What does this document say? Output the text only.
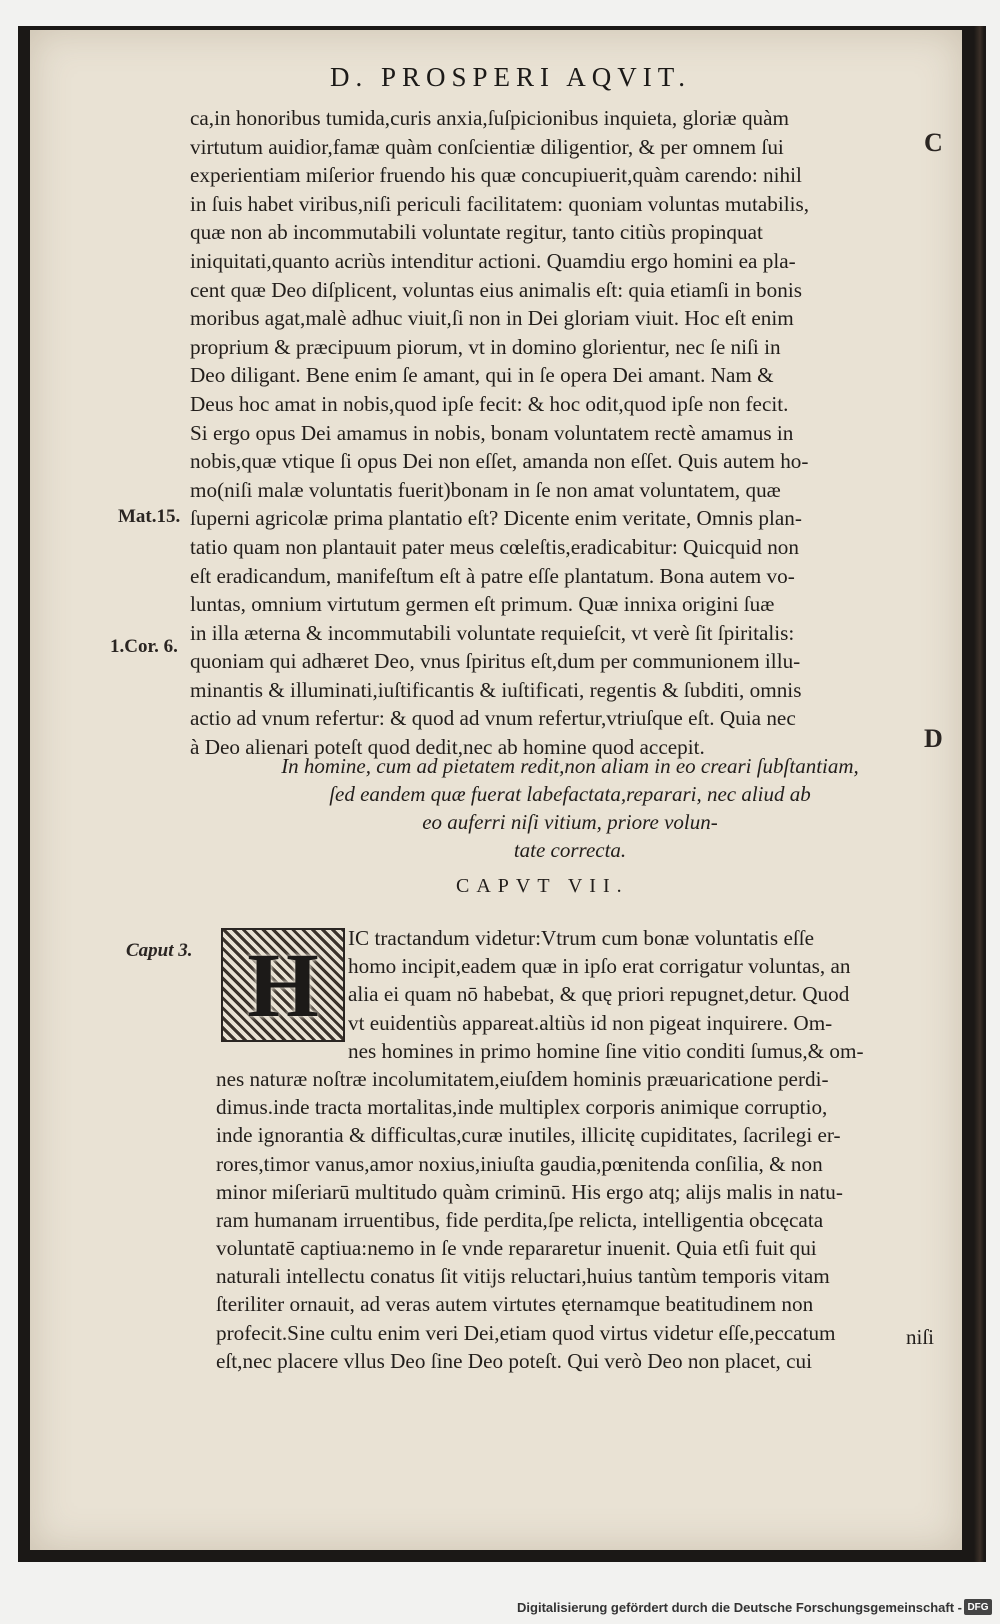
D. PROSPERI AQVIT.
C
D
ca,in honoribus tumida,curis anxia,ſuſpicionibus inquieta, gloriæ quàm
virtutum auidior,famæ quàm conſcientiæ diligentior, & per omnem ſui
experientiam miſerior fruendo his quæ concupiuerit,quàm carendo: nihil
in ſuis habet viribus,niſi periculi facilitatem: quoniam voluntas mutabilis,
quæ non ab incommutabili voluntate regitur, tanto citiùs propinquat
iniquitati,quanto acriùs intenditur actioni. Quamdiu ergo homini ea pla-
cent quæ Deo diſplicent, voluntas eius animalis eſt: quia etiamſi in bonis
moribus agat,malè adhuc viuit,ſi non in Dei gloriam viuit. Hoc eſt enim
proprium & præcipuum piorum, vt in domino glorientur, nec ſe niſi in
Deo diligant. Bene enim ſe amant, qui in ſe opera Dei amant. Nam &
Deus hoc amat in nobis,quod ipſe fecit: & hoc odit,quod ipſe non fecit.
Si ergo opus Dei amamus in nobis, bonam voluntatem rectè amamus in
nobis,quæ vtique ſi opus Dei non eſſet, amanda non eſſet. Quis autem ho-
mo(niſi malæ voluntatis fuerit)bonam in ſe non amat voluntatem, quæ
ſuperni agricolæ prima plantatio eſt? Dicente enim veritate, Omnis plan-
tatio quam non plantauit pater meus cœleſtis,eradicabitur: Quicquid non
eſt eradicandum, manifeſtum eſt à patre eſſe plantatum. Bona autem vo-
luntas, omnium virtutum germen eſt primum. Quæ innixa origini ſuæ
in illa æterna & incommutabili voluntate requieſcit, vt verè ſit ſpiritalis:
quoniam qui adhæret Deo, vnus ſpiritus eſt,dum per communionem illu-
minantis & illuminati,iuſtificantis & iuſtificati, regentis & ſubditi, omnis
actio ad vnum refertur: & quod ad vnum refertur,vtriuſque eſt. Quia nec
à Deo alienari poteſt quod dedit,nec ab homine quod accepit.
Mat.15.
1.Cor. 6.
Caput 3.
In homine, cum ad pietatem redit,non aliam in eo creari ſubſtantiam,
ſed eandem quæ fuerat labefactata,reparari, nec aliud ab
eo auferri niſi vitium, priore volun-
tate correcta.
CAPVT VII.
H	IC tractandum videtur:Vtrum cum bonæ voluntatis eſſe
homo incipit,eadem quæ in ipſo erat corrigatur voluntas, an
alia ei quam nō habebat, & quę priori repugnet,detur. Quod
vt euidentiùs appareat.altiùs id non pigeat inquirere. Om-
nes homines in primo homine ſine vitio conditi ſumus,& om-
nes naturæ noſtræ incolumitatem,eiuſdem hominis præuaricatione perdi-
dimus.inde tracta mortalitas,inde multiplex corporis animique corruptio,
inde ignorantia & difficultas,curæ inutiles, illicitę cupiditates, ſacrilegi er-
rores,timor vanus,amor noxius,iniuſta gaudia,pœnitenda conſilia, & non
minor miſeriarū multitudo quàm criminū. His ergo atq; alijs malis in natu-
ram humanam irruentibus, fide perdita,ſpe relicta, intelligentia obcęcata
voluntatē captiua:nemo in ſe vnde repararetur inuenit. Quia etſi fuit qui
naturali intellectu conatus ſit vitijs reluctari,huius tantùm temporis vitam
ſteriliter ornauit, ad veras autem virtutes ęternamque beatitudinem non
profecit.Sine cultu enim veri Dei,etiam quod virtus videtur eſſe,peccatum
eſt,nec placere vllus Deo ſine Deo poteſt. Qui verò Deo non placet, cui
niſi
Digitalisierung gefördert durch die Deutsche Forschungsgemeinschaft - DFG
